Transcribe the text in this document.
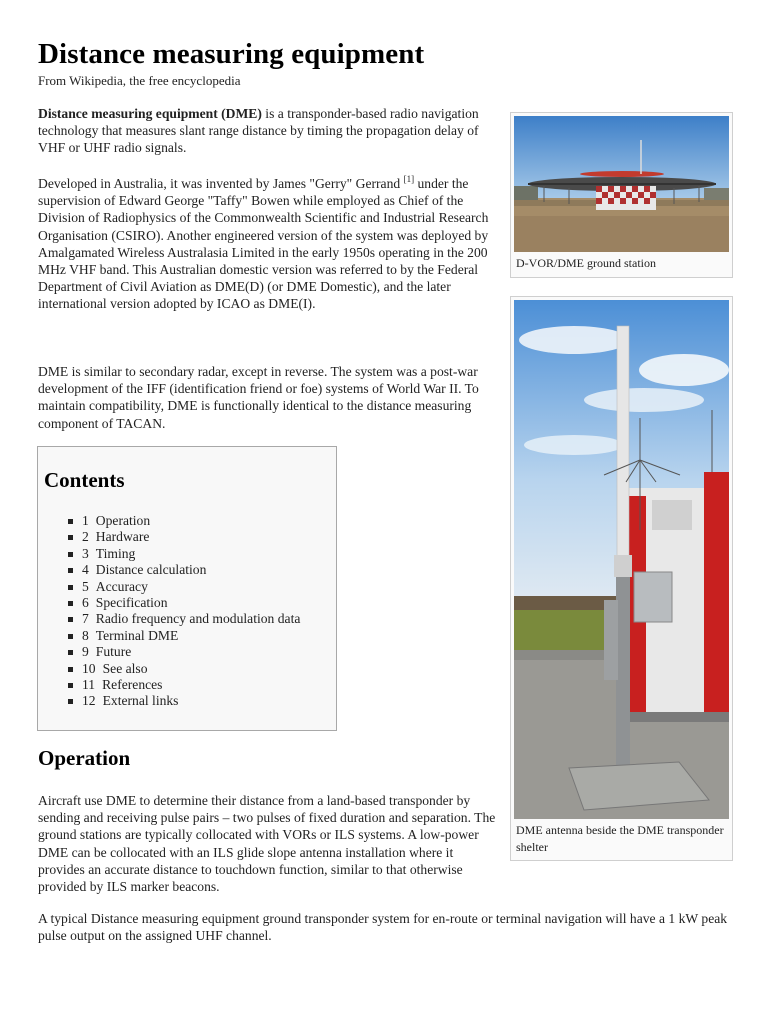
Distance measuring equipment

From Wikipedia, the free encyclopedia

Distance measuring equipment (DME) is a transponder-based radio navigation technology that measures slant range distance by timing the propagation delay of VHF or UHF radio signals.

Developed in Australia, it was invented by James "Gerry" Gerrand [1] under the supervision of Edward George "Taffy" Bowen while employed as Chief of the Division of Radiophysics of the Commonwealth Scientific and Industrial Research Organisation (CSIRO). Another engineered version of the system was deployed by Amalgamated Wireless Australasia Limited in the early 1950s operating in the 200 MHz VHF band. This Australian domestic version was referred to by the Federal Department of Civil Aviation as DME(D) (or DME Domestic), and the later international version adopted by ICAO as DME(I).

DME is similar to secondary radar, except in reverse. The system was a post-war development of the IFF (identification friend or foe) systems of World War II. To maintain compatibility, DME is functionally identical to the distance measuring component of TACAN.

D-VOR/DME ground station
DME antenna beside the DME transponder shelter
Contents
1 Operation
2 Hardware
3 Timing
4 Distance calculation
5 Accuracy
6 Specification
7 Radio frequency and modulation data
8 Terminal DME
9 Future
10 See also
11 References
12 External links
Operation

Aircraft use DME to determine their distance from a land-based transponder by sending and receiving pulse pairs – two pulses of fixed duration and separation. The ground stations are typically collocated with VORs or ILS systems. A low-power DME can be collocated with an ILS glide slope antenna installation where it provides an accurate distance to touchdown function, similar to that otherwise provided by ILS marker beacons.

A typical Distance measuring equipment ground transponder system for en-route or terminal navigation will have a 1 kW peak pulse output on the assigned UHF channel.
